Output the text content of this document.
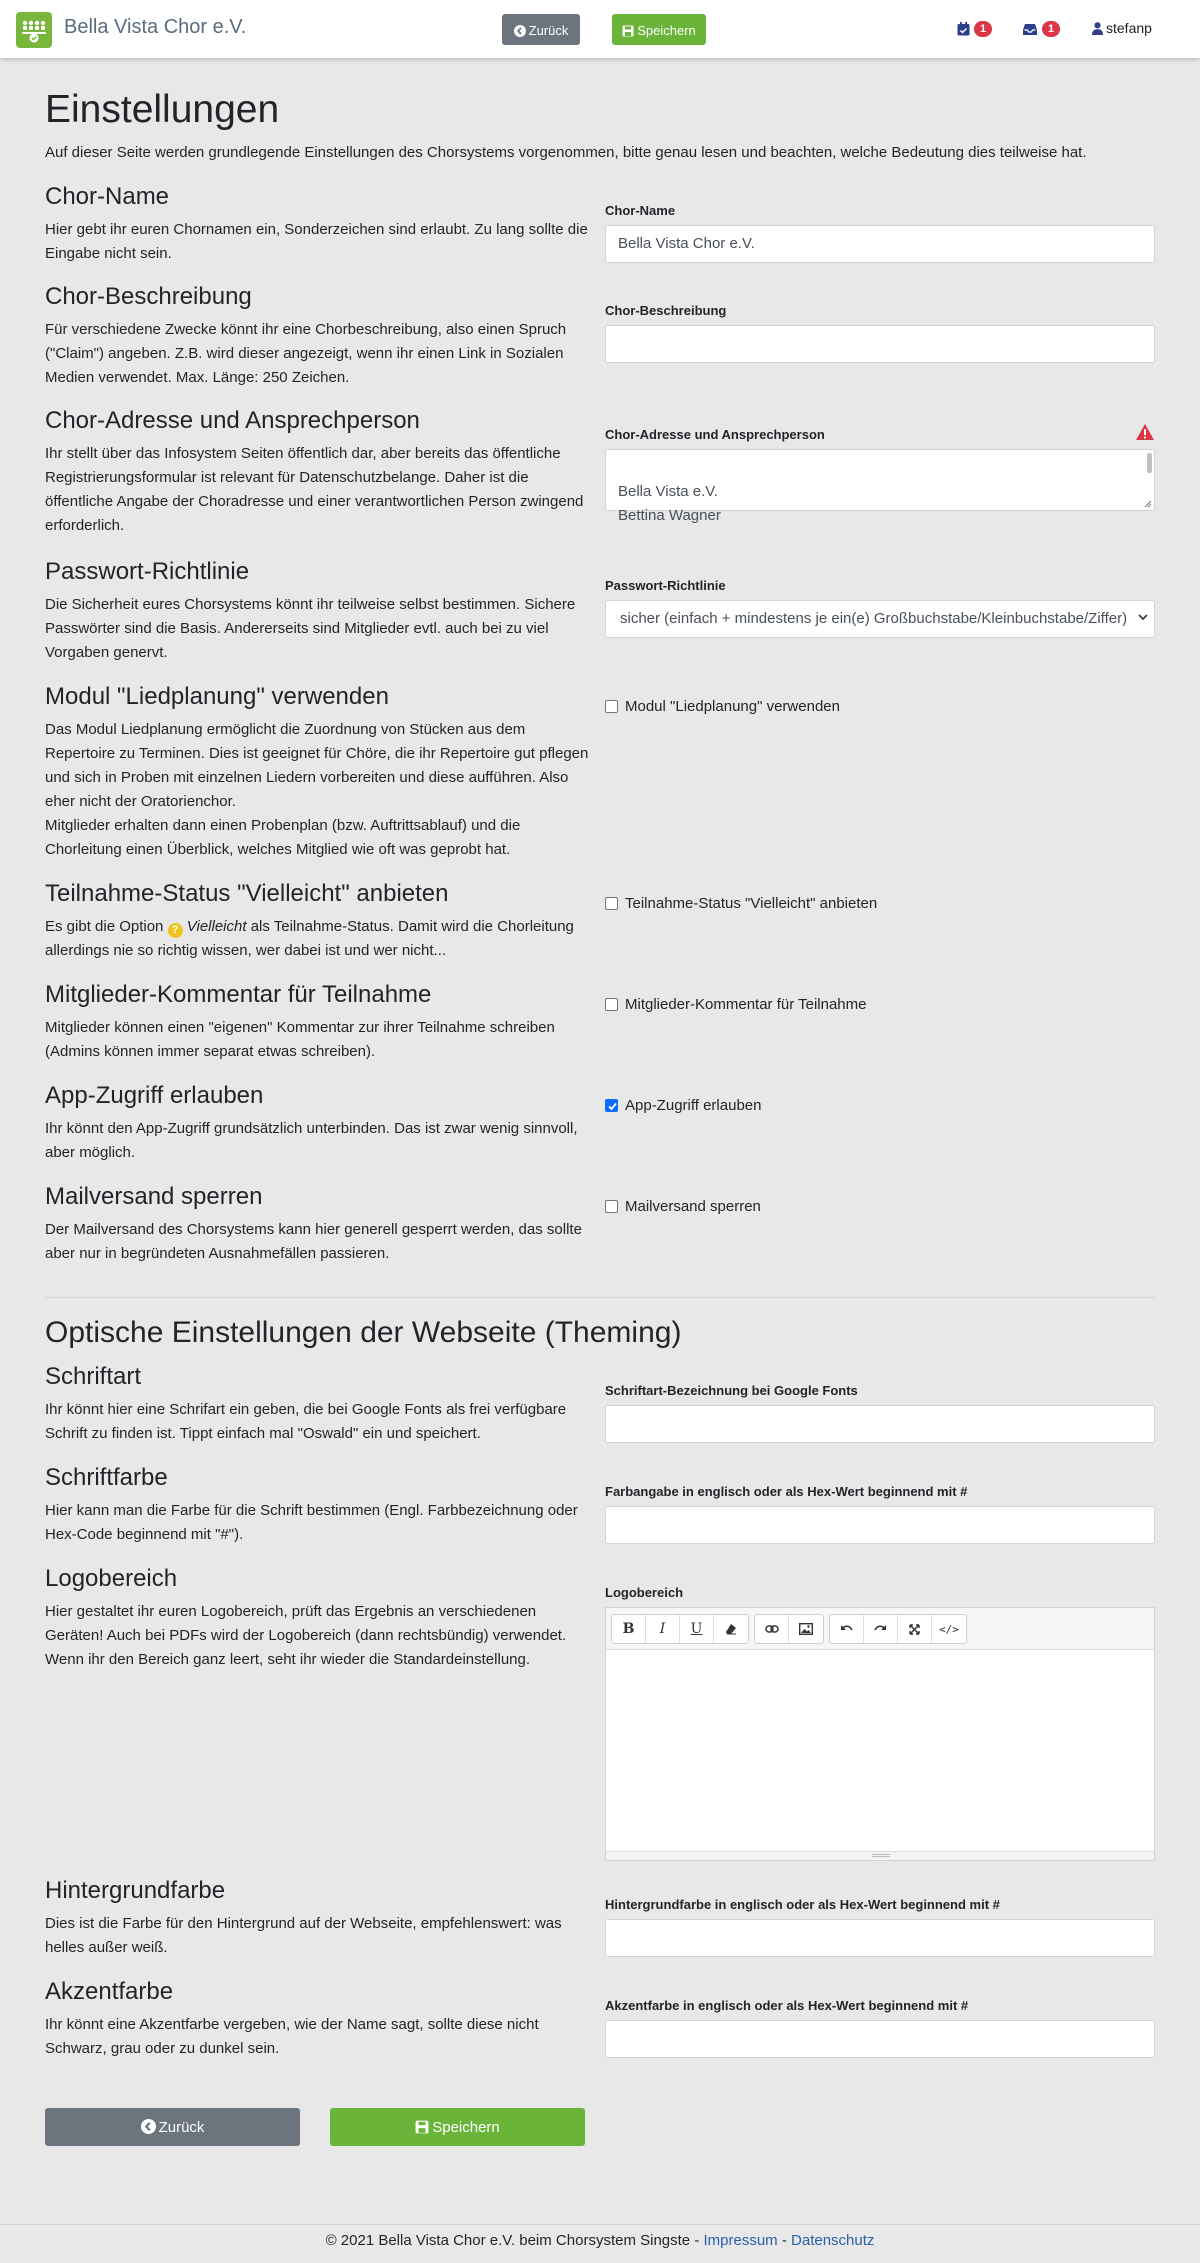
Bella Vista Chor e.V.	Zurück	Speichern	1	1	stefanp
Einstellungen

Auf dieser Seite werden grundlegende Einstellungen des Chorsystems vorgenommen, bitte genau lesen und beachten, welche Bedeutung dies teilweise hat.

Chor-Name

Hier gebt ihr euren Chornamen ein, Sonderzeichen sind erlaubt. Zu lang sollte die Eingabe nicht sein.

Chor-Name
Bella Vista Chor e.V.
Chor-Beschreibung

Für verschiedene Zwecke könnt ihr eine Chorbeschreibung, also einen Spruch ("Claim") angeben. Z.B. wird dieser angezeigt, wenn ihr einen Link in Sozialen Medien verwendet. Max. Länge: 250 Zeichen.

Chor-Beschreibung
Chor-Adresse und Ansprechperson

Ihr stellt über das Infosystem Seiten öffentlich dar, aber bereits das öffentliche Registrierungsformular ist relevant für Datenschutzbelange. Daher ist die öffentliche Angabe der Choradresse und einer verantwortlichen Person zwingend erforderlich.

Chor-Adresse und Ansprechperson

Bella Vista e.V.
Bettina Wagner

Passwort-Richtlinie

Die Sicherheit eures Chorsystems könnt ihr teilweise selbst bestimmen. Sichere Passwörter sind die Basis. Andererseits sind Mitglieder evtl. auch bei zu viel Vorgaben genervt.

Passwort-Richtlinie
sicher (einfach + mindestens je ein(e) Großbuchstabe/Kleinbuchstabe/Ziffer)
Modul "Liedplanung" verwenden

Das Modul Liedplanung ermöglicht die Zuordnung von Stücken aus dem Repertoire zu Terminen. Dies ist geeignet für Chöre, die ihr Repertoire gut pflegen und sich in Proben mit einzelnen Liedern vorbereiten und diese aufführen. Also eher nicht der Oratorienchor.

Mitglieder erhalten dann einen Probenplan (bzw. Auftrittsablauf) und die Chorleitung einen Überblick, welches Mitglied wie oft was geprobt hat.

Modul "Liedplanung" verwenden
Teilnahme-Status "Vielleicht" anbieten

Es gibt die Option ? Vielleicht als Teilnahme-Status. Damit wird die Chorleitung allerdings nie so richtig wissen, wer dabei ist und wer nicht...

Teilnahme-Status "Vielleicht" anbieten
Mitglieder-Kommentar für Teilnahme

Mitglieder können einen "eigenen" Kommentar zur ihrer Teilnahme schreiben (Admins können immer separat etwas schreiben).

Mitglieder-Kommentar für Teilnahme
App-Zugriff erlauben

Ihr könnt den App-Zugriff grundsätzlich unterbinden. Das ist zwar wenig sinnvoll, aber möglich.

App-Zugriff erlauben
Mailversand sperren

Der Mailversand des Chorsystems kann hier generell gesperrt werden, das sollte aber nur in begründeten Ausnahmefällen passieren.

Mailversand sperren
Optische Einstellungen der Webseite (Theming)
Schriftart

Ihr könnt hier eine Schrifart ein geben, die bei Google Fonts als frei verfügbare Schrift zu finden ist. Tippt einfach mal "Oswald" ein und speichert.

Schriftart-Bezeichnung bei Google Fonts
Schriftfarbe

Hier kann man die Farbe für die Schrift bestimmen (Engl. Farbbezeichnung oder Hex-Code beginnend mit "#").

Farbangabe in englisch oder als Hex-Wert beginnend mit #
Logobereich

Hier gestaltet ihr euren Logobereich, prüft das Ergebnis an verschiedenen Geräten! Auch bei PDFs wird der Logobereich (dann rechtsbündig) verwendet. Wenn ihr den Bereich ganz leert, seht ihr wieder die Standardeinstellung.

Logobereich
B I U	</>
Hintergrundfarbe

Dies ist die Farbe für den Hintergrund auf der Webseite, empfehlenswert: was helles außer weiß.

Hintergrundfarbe in englisch oder als Hex-Wert beginnend mit #
Akzentfarbe

Ihr könnt eine Akzentfarbe vergeben, wie der Name sagt, sollte diese nicht Schwarz, grau oder zu dunkel sein.

Akzentfarbe in englisch oder als Hex-Wert beginnend mit #
Zurück	Speichern
© 2021 Bella Vista Chor e.V. beim Chorsystem Singste - Impressum - Datenschutz
